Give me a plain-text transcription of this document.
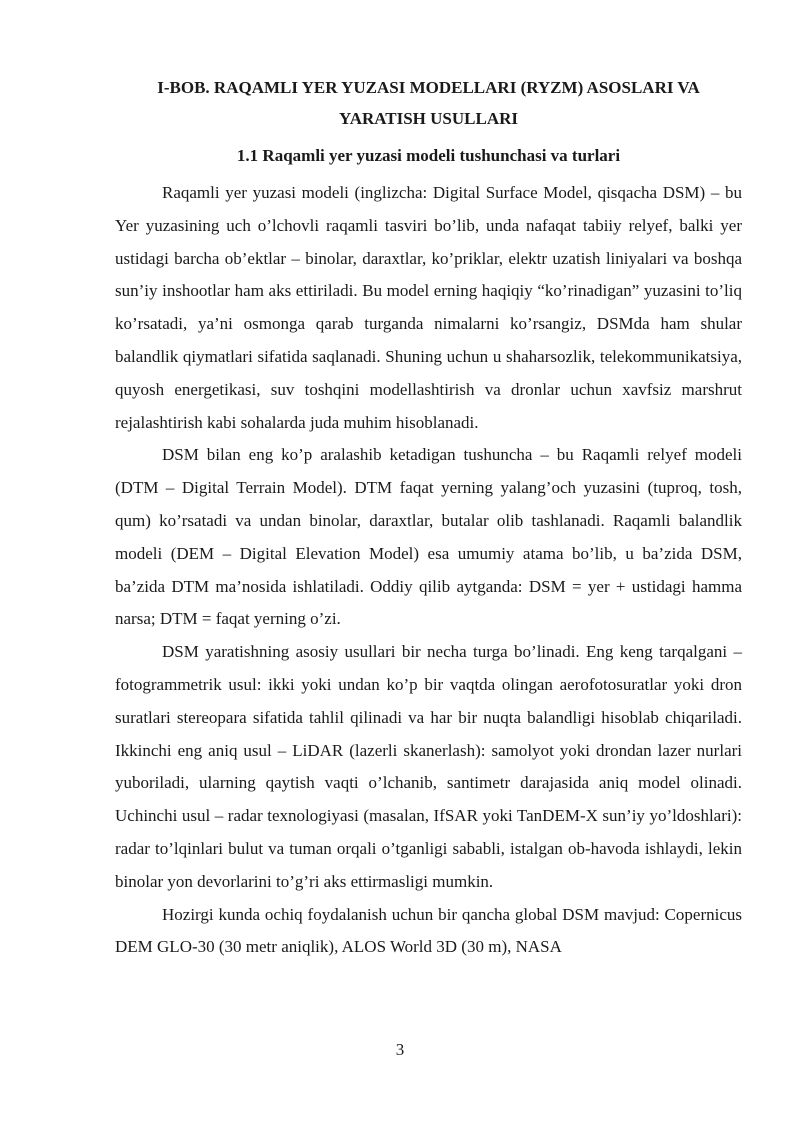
I-BOB. RAQAMLI YER YUZASI MODELLARI (RYZM) ASOSLARI VA
YARATISH USULLARI
1.1 Raqamli yer yuzasi modeli tushunchasi va turlari

Raqamli yer yuzasi modeli (inglizcha: Digital Surface Model, qisqacha DSM) – bu Yer yuzasining uch o’lchovli raqamli tasviri bo’lib, unda nafaqat tabiiy relyef, balki yer ustidagi barcha ob’ektlar – binolar, daraxtlar, ko’priklar, elektr uzatish liniyalari va boshqa sun’iy inshootlar ham aks ettiriladi. Bu model erning haqiqiy “ko’rinadigan” yuzasini to’liq ko’rsatadi, ya’ni osmonga qarab turganda nimalarni ko’rsangiz, DSMda ham shular balandlik qiymatlari sifatida saqlanadi. Shuning uchun u shaharsozlik, telekommunikatsiya, quyosh energetikasi, suv toshqini modellashtirish va dronlar uchun xavfsiz marshrut rejalashtirish kabi sohalarda juda muhim hisoblanadi.

DSM bilan eng ko’p aralashib ketadigan tushuncha – bu Raqamli relyef modeli (DTM – Digital Terrain Model). DTM faqat yerning yalang’och yuzasini (tuproq, tosh, qum) ko’rsatadi va undan binolar, daraxtlar, butalar olib tashlanadi. Raqamli balandlik modeli (DEM – Digital Elevation Model) esa umumiy atama bo’lib, u ba’zida DSM, ba’zida DTM ma’nosida ishlatiladi. Oddiy qilib aytganda: DSM = yer + ustidagi hamma narsa; DTM = faqat yerning o’zi.

DSM yaratishning asosiy usullari bir necha turga bo’linadi. Eng keng tarqalgani – fotogrammetrik usul: ikki yoki undan ko’p bir vaqtda olingan aerofotosuratlar yoki dron suratlari stereopara sifatida tahlil qilinadi va har bir nuqta balandligi hisoblab chiqariladi. Ikkinchi eng aniq usul – LiDAR (lazerli skanerlash): samolyot yoki drondan lazer nurlari yuboriladi, ularning qaytish vaqti o’lchanib, santimetr darajasida aniq model olinadi. Uchinchi usul – radar texnologiyasi (masalan, IfSAR yoki TanDEM-X sun’iy yo’ldoshlari): radar to’lqinlari bulut va tuman orqali o’tganligi sababli, istalgan ob-havoda ishlaydi, lekin binolar yon devorlarini to’g’ri aks ettirmasligi mumkin.

Hozirgi kunda ochiq foydalanish uchun bir qancha global DSM mavjud: Copernicus DEM GLO-30 (30 metr aniqlik), ALOS World 3D (30 m), NASA

3
